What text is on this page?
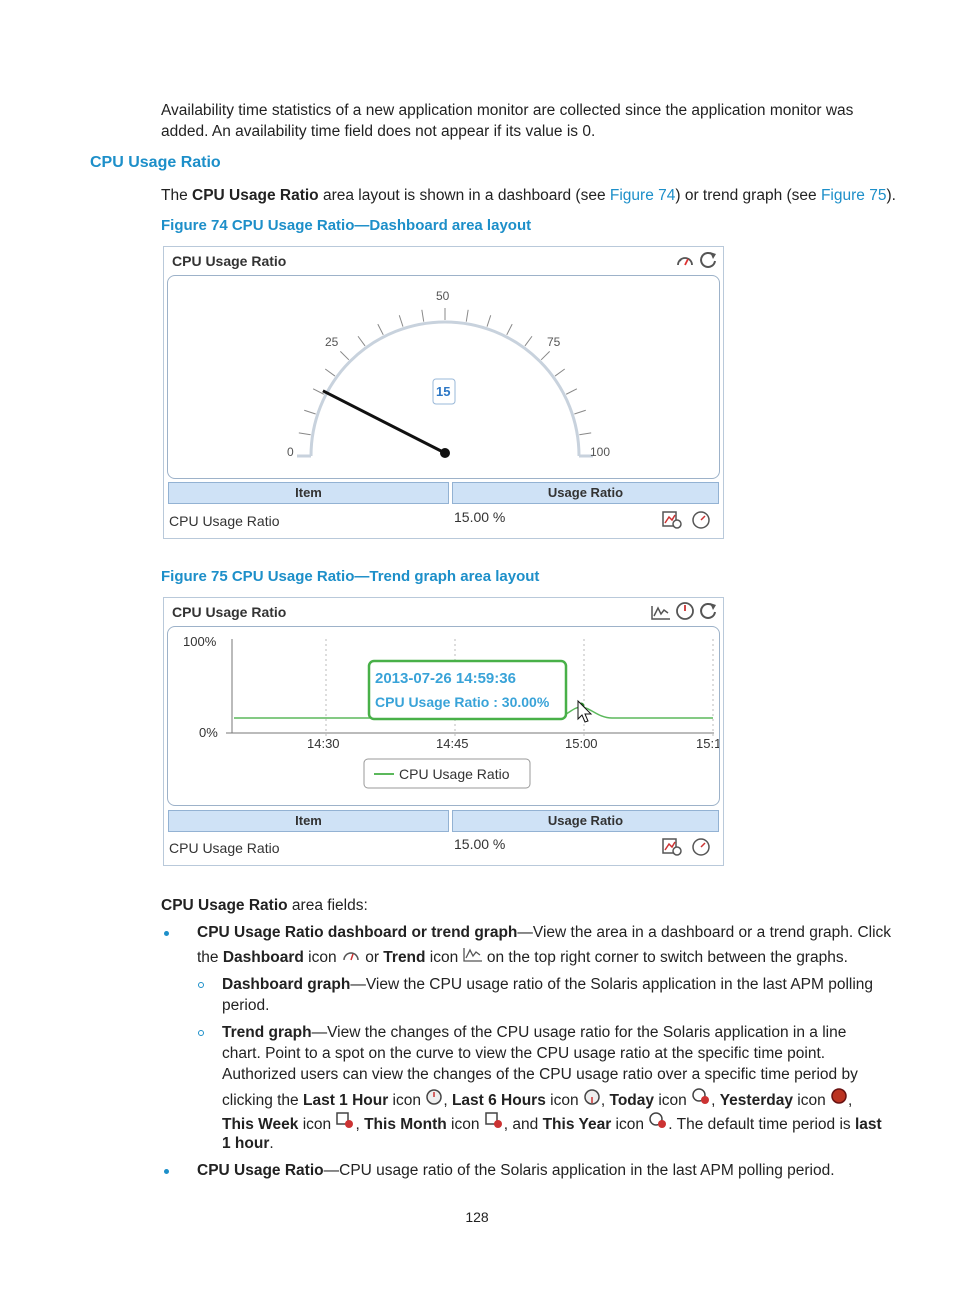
Availability time statistics of a new application monitor are collected since the application monitor was
added. An availability time field does not appear if its value is 0.
CPU Usage Ratio
The CPU Usage Ratio area layout is shown in a dashboard (see Figure 74) or trend graph (see Figure 75).
Figure 74 CPU Usage Ratio—Dashboard area layout
CPU Usage Ratio
0
25
50
75
100
15
Item	Usage Ratio
CPU Usage Ratio	15.00 %
Figure 75 CPU Usage Ratio—Trend graph area layout
CPU Usage Ratio
100%
0%
14:30	14:45	15:00	15:1
2013-07-26 14:59:36
CPU Usage Ratio : 30.00%
CPU Usage Ratio
Item	Usage Ratio
CPU Usage Ratio	15.00 %
CPU Usage Ratio area fields:
CPU Usage Ratio dashboard or trend graph—View the area in a dashboard or a trend graph. Click
the Dashboard icon  or Trend icon  on the top right corner to switch between the graphs.
Dashboard graph—View the CPU usage ratio of the Solaris application in the last APM polling
period.
Trend graph—View the changes of the CPU usage ratio for the Solaris application in a line
chart. Point to a spot on the curve to view the CPU usage ratio at the specific time point.
Authorized users can view the changes of the CPU usage ratio over a specific time period by
clicking the Last 1 Hour icon , Last 6 Hours icon , Today icon , Yesterday icon ,
This Week icon , This Month icon , and This Year icon . The default time period is last
1 hour.
CPU Usage Ratio—CPU usage ratio of the Solaris application in the last APM polling period.
128
